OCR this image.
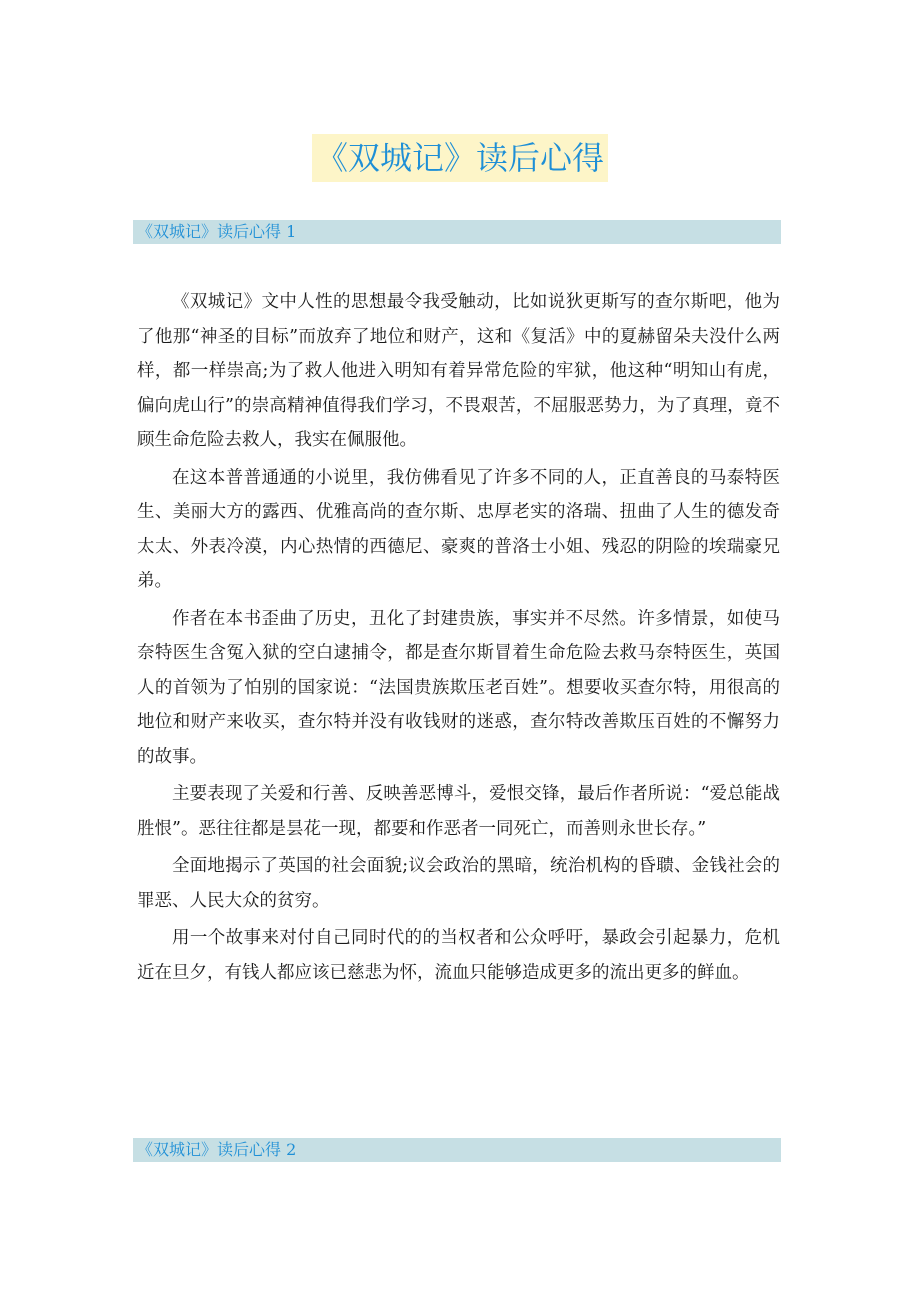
《双城记》读后心得
《双城记》读后心得 1

《双城记》文中人性的思想最令我受触动，比如说狄更斯写的查尔斯吧，他为了他那“神圣的目标”而放弃了地位和财产，这和《复活》中的夏赫留朵夫没什么两样，都一样崇高;为了救人他进入明知有着异常危险的牢狱，他这种“明知山有虎，偏向虎山行”的崇高精神值得我们学习，不畏艰苦，不屈服恶势力，为了真理，竟不顾生命危险去救人，我实在佩服他。

在这本普普通通的小说里，我仿佛看见了许多不同的人，正直善良的马泰特医生、美丽大方的露西、优雅高尚的查尔斯、忠厚老实的洛瑞、扭曲了人生的德发奇太太、外表冷漠，内心热情的西德尼、豪爽的普洛士小姐、残忍的阴险的埃瑞豪兄弟。

作者在本书歪曲了历史，丑化了封建贵族，事实并不尽然。许多情景，如使马奈特医生含冤入狱的空白逮捕令，都是查尔斯冒着生命危险去救马奈特医生，英国人的首领为了怕别的国家说：“法国贵族欺压老百姓”。想要收买查尔特，用很高的地位和财产来收买，查尔特并没有收钱财的迷惑，查尔特改善欺压百姓的不懈努力的故事。

主要表现了关爱和行善、反映善恶博斗，爱恨交锋，最后作者所说：“爱总能战胜恨”。恶往往都是昙花一现，都要和作恶者一同死亡，而善则永世长存。”

全面地揭示了英国的社会面貌;议会政治的黑暗，统治机构的昏聩、金钱社会的罪恶、人民大众的贫穷。

用一个故事来对付自己同时代的的当权者和公众呼吁，暴政会引起暴力，危机近在旦夕，有钱人都应该已慈悲为怀，流血只能够造成更多的流出更多的鲜血。

《双城记》读后心得 2
